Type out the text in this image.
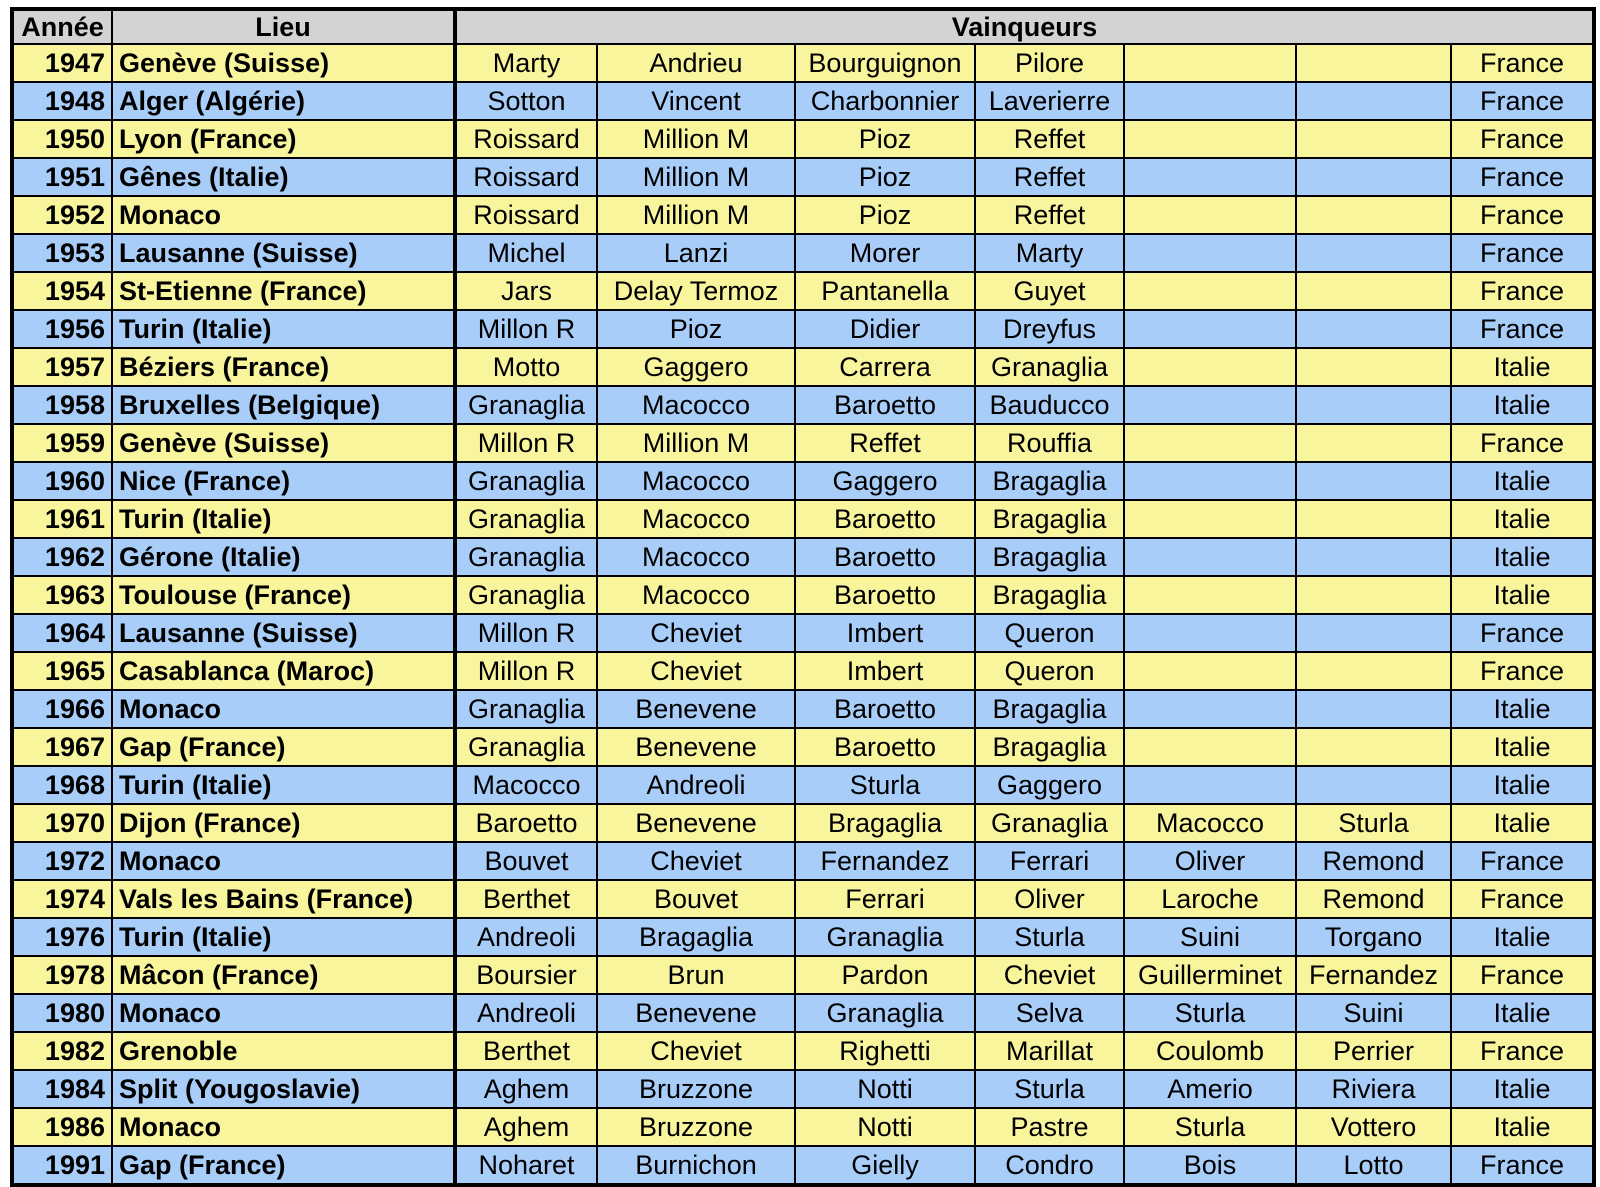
Année	Lieu	Vainqueurs						
1947	Genève (Suisse)	Marty	Andrieu	Bourguignon	Pilore			France
1948	Alger (Algérie)	Sotton	Vincent	Charbonnier	Laverierre			France
1950	Lyon (France)	Roissard	Million M	Pioz	Reffet			France
1951	Gênes (Italie)	Roissard	Million M	Pioz	Reffet			France
1952	Monaco	Roissard	Million M	Pioz	Reffet			France
1953	Lausanne (Suisse)	Michel	Lanzi	Morer	Marty			France
1954	St-Etienne (France)	Jars	Delay Termoz	Pantanella	Guyet			France
1956	Turin (Italie)	Millon R	Pioz	Didier	Dreyfus			France
1957	Béziers (France)	Motto	Gaggero	Carrera	Granaglia			Italie
1958	Bruxelles (Belgique)	Granaglia	Macocco	Baroetto	Bauducco			Italie
1959	Genève (Suisse)	Millon R	Million M	Reffet	Rouffia			France
1960	Nice (France)	Granaglia	Macocco	Gaggero	Bragaglia			Italie
1961	Turin (Italie)	Granaglia	Macocco	Baroetto	Bragaglia			Italie
1962	Gérone (Italie)	Granaglia	Macocco	Baroetto	Bragaglia			Italie
1963	Toulouse (France)	Granaglia	Macocco	Baroetto	Bragaglia			Italie
1964	Lausanne (Suisse)	Millon R	Cheviet	Imbert	Queron			France
1965	Casablanca (Maroc)	Millon R	Cheviet	Imbert	Queron			France
1966	Monaco	Granaglia	Benevene	Baroetto	Bragaglia			Italie
1967	Gap (France)	Granaglia	Benevene	Baroetto	Bragaglia			Italie
1968	Turin (Italie)	Macocco	Andreoli	Sturla	Gaggero			Italie
1970	Dijon (France)	Baroetto	Benevene	Bragaglia	Granaglia	Macocco	Sturla	Italie
1972	Monaco	Bouvet	Cheviet	Fernandez	Ferrari	Oliver	Remond	France
1974	Vals les Bains (France)	Berthet	Bouvet	Ferrari	Oliver	Laroche	Remond	France
1976	Turin (Italie)	Andreoli	Bragaglia	Granaglia	Sturla	Suini	Torgano	Italie
1978	Mâcon (France)	Boursier	Brun	Pardon	Cheviet	Guillerminet	Fernandez	France
1980	Monaco	Andreoli	Benevene	Granaglia	Selva	Sturla	Suini	Italie
1982	Grenoble	Berthet	Cheviet	Righetti	Marillat	Coulomb	Perrier	France
1984	Split (Yougoslavie)	Aghem	Bruzzone	Notti	Sturla	Amerio	Riviera	Italie
1986	Monaco	Aghem	Bruzzone	Notti	Pastre	Sturla	Vottero	Italie
1991	Gap (France)	Noharet	Burnichon	Gielly	Condro	Bois	Lotto	France
